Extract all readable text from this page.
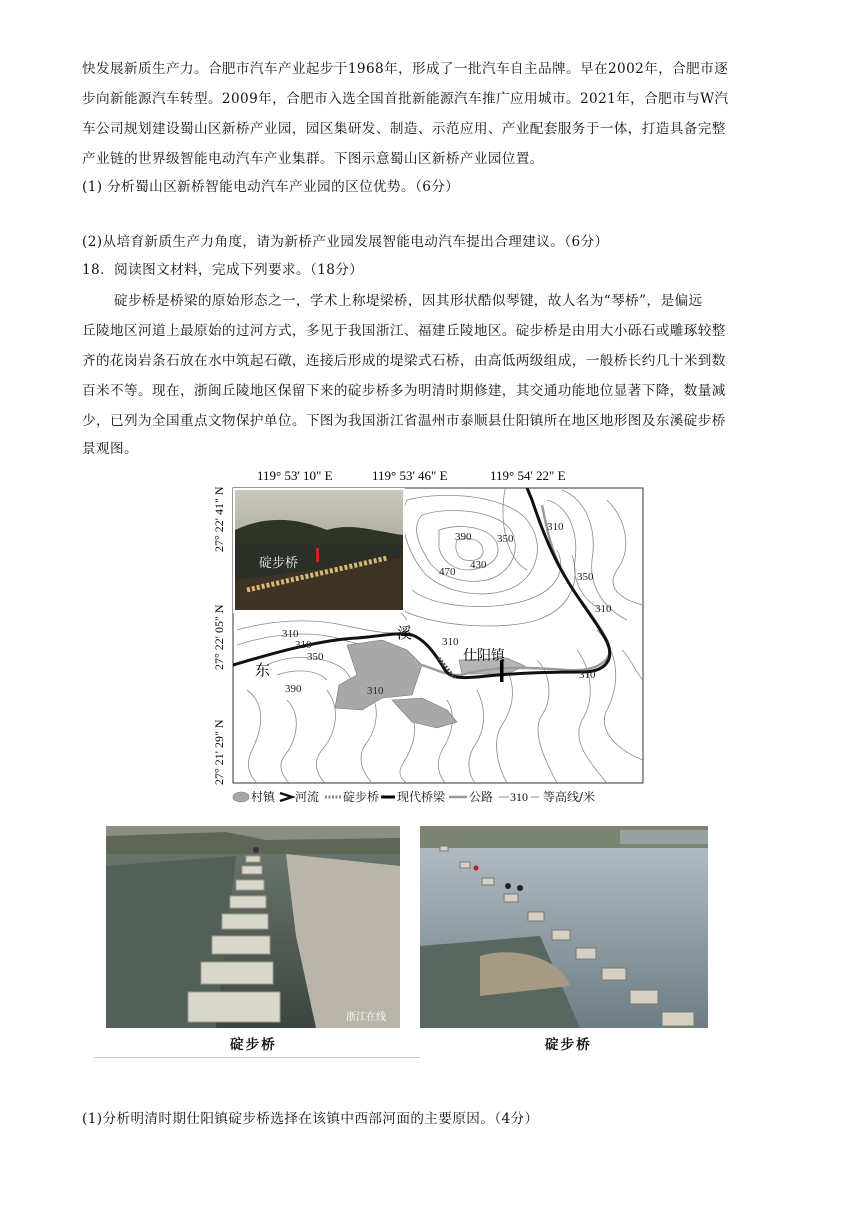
快发展新质生产力。合肥市汽车产业起步于1968年，形成了一批汽车自主品牌。早在2002年，合肥市逐
步向新能源汽车转型。2009年，合肥市入选全国首批新能源汽车推广应用城市。2021年，合肥市与W汽
车公司规划建设蜀山区新桥产业园，园区集研发、制造、示范应用、产业配套服务于一体，打造具备完整
产业链的世界级智能电动汽车产业集群。下图示意蜀山区新桥产业园位置。
(1) 分析蜀山区新桥智能电动汽车产业园的区位优势。（6分）
(2)从培育新质生产力角度，请为新桥产业园发展智能电动汽车提出合理建议。（6分）
18．阅读图文材料，完成下列要求。（18分）
碇步桥是桥梁的原始形态之一，学术上称堤梁桥，因其形状酷似琴键，故人名为“琴桥”，是偏远
丘陵地区河道上最原始的过河方式，多见于我国浙江、福建丘陵地区。碇步桥是由用大小砾石或雕琢较整
齐的花岗岩条石放在水中筑起石礅，连接后形成的堤梁式石桥，由高低两级组成，一般桥长约几十米到数
百米不等。现在，浙闽丘陵地区保留下来的碇步桥多为明清时期修建，其交通功能地位显著下降，数量减
少，已列为全国重点文物保护单位。下图为我国浙江省温州市泰顺县仕阳镇所在地区地形图及东溪碇步桥
景观图。
119° 53' 10" E	119° 53' 46" E	119° 54' 22" E
27° 22' 41" N
27° 22' 05" N
27° 21' 29" N
390 350
470
430
310
310
350
310	310
350
390	310
310
310
东
溪
仕阳镇
碇步桥
村镇 河流 碇步桥 现代桥梁 公路 310 等高线/米
浙江在线
碇步桥	碇步桥
(1)分析明清时期仕阳镇碇步桥选择在该镇中西部河面的主要原因。（4分）
